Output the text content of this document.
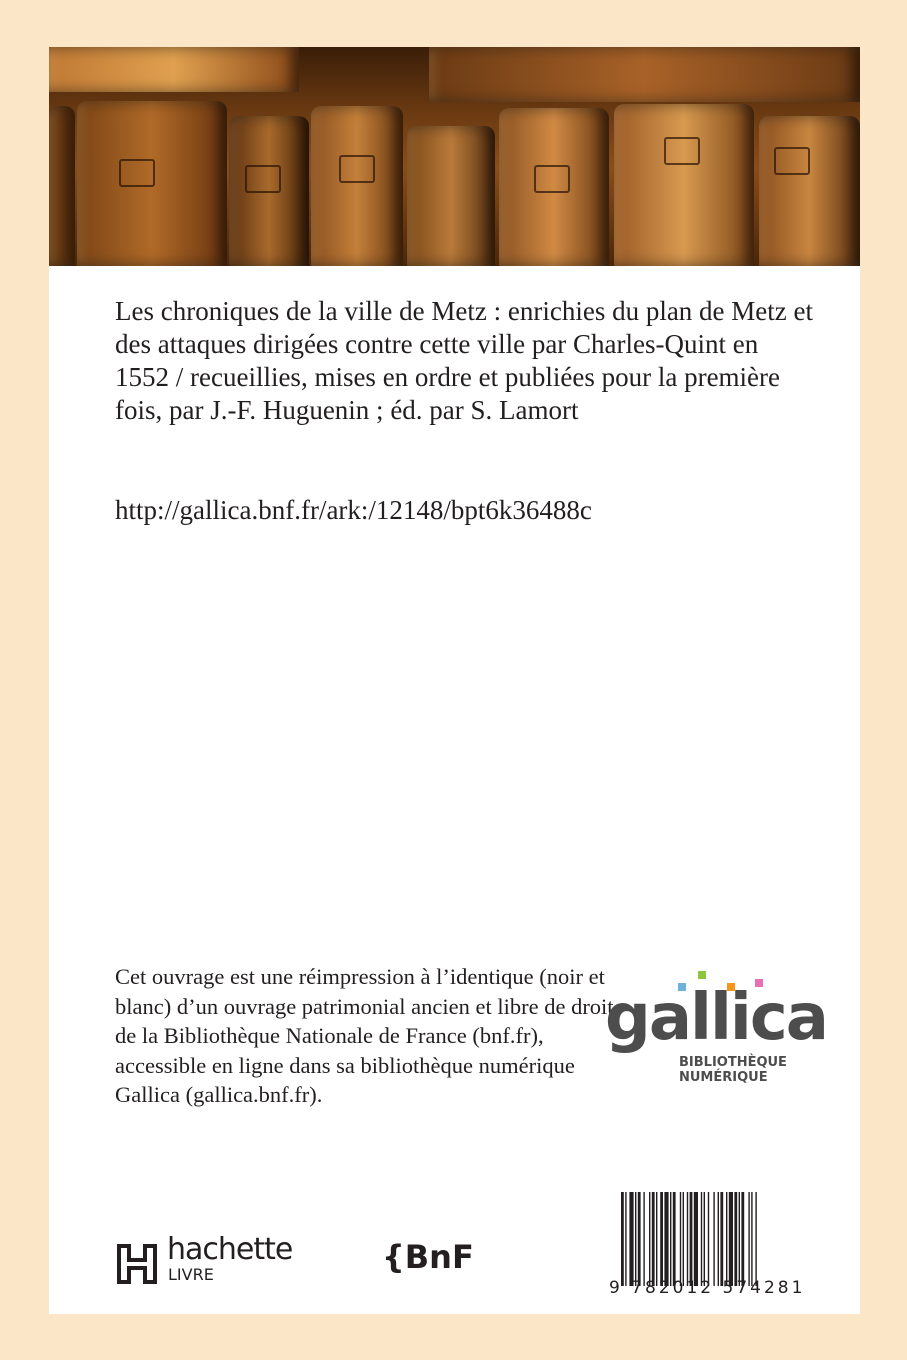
Les chroniques de la ville de Metz : enrichies du plan de Metz et des attaques dirigées contre cette ville par Charles-Quint en 1552 / recueillies, mises en ordre et publiées pour la première fois, par J.-F. Huguenin ; éd. par S. Lamort
http://gallica.bnf.fr/ark:/12148/bpt6k36488c
Cet ouvrage est une réimpression à l’identique (noir et blanc) d’un ouvrage patrimonial ancien et libre de droit de la Bibliothèque Nationale de France (bnf.fr), accessible en ligne dans sa bibliothèque numérique Gallica (gallica.bnf.fr).
gallica
BIBLIOTHÈQUE
NUMÉRIQUE
hachette
LIVRE	{BnF
9 782012 574281
